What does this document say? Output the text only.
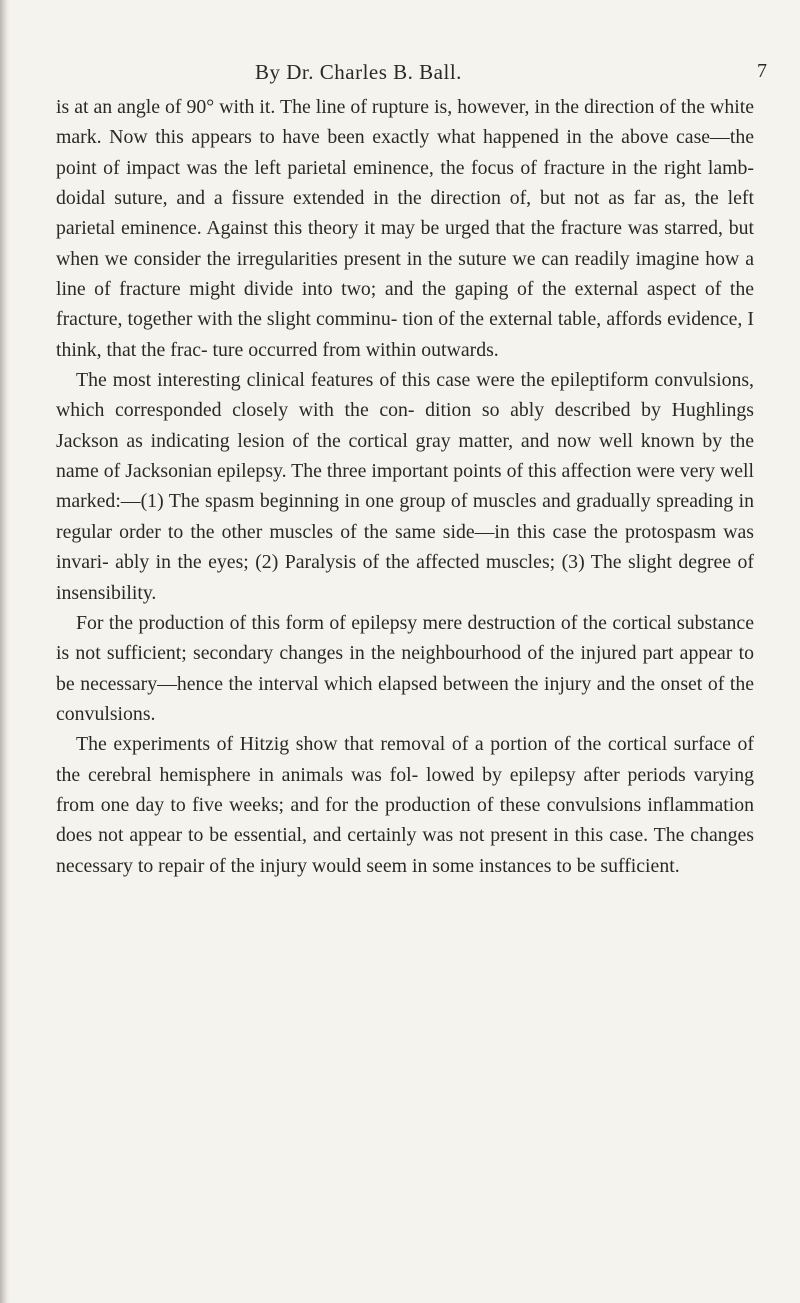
By Dr. Charles B. Ball.	7

is at an angle of 90° with it. The line of rupture is, however, in the direction of the white mark. Now this appears to have been exactly what happened in the above case—the point of impact was the left parietal eminence, the focus of fracture in the right lamb- doidal suture, and a fissure extended in the direction of, but not as far as, the left parietal eminence. Against this theory it may be urged that the fracture was starred, but when we consider the irregularities present in the suture we can readily imagine how a line of fracture might divide into two; and the gaping of the external aspect of the fracture, together with the slight comminu- tion of the external table, affords evidence, I think, that the frac- ture occurred from within outwards.

The most interesting clinical features of this case were the epileptiform convulsions, which corresponded closely with the con- dition so ably described by Hughlings Jackson as indicating lesion of the cortical gray matter, and now well known by the name of Jacksonian epilepsy. The three important points of this affection were very well marked:—(1) The spasm beginning in one group of muscles and gradually spreading in regular order to the other muscles of the same side—in this case the protospasm was invari- ably in the eyes; (2) Paralysis of the affected muscles; (3) The slight degree of insensibility.

For the production of this form of epilepsy mere destruction of the cortical substance is not sufficient; secondary changes in the neighbourhood of the injured part appear to be necessary—hence the interval which elapsed between the injury and the onset of the convulsions.

The experiments of Hitzig show that removal of a portion of the cortical surface of the cerebral hemisphere in animals was fol- lowed by epilepsy after periods varying from one day to five weeks; and for the production of these convulsions inflammation does not appear to be essential, and certainly was not present in this case. The changes necessary to repair of the injury would seem in some instances to be sufficient.
